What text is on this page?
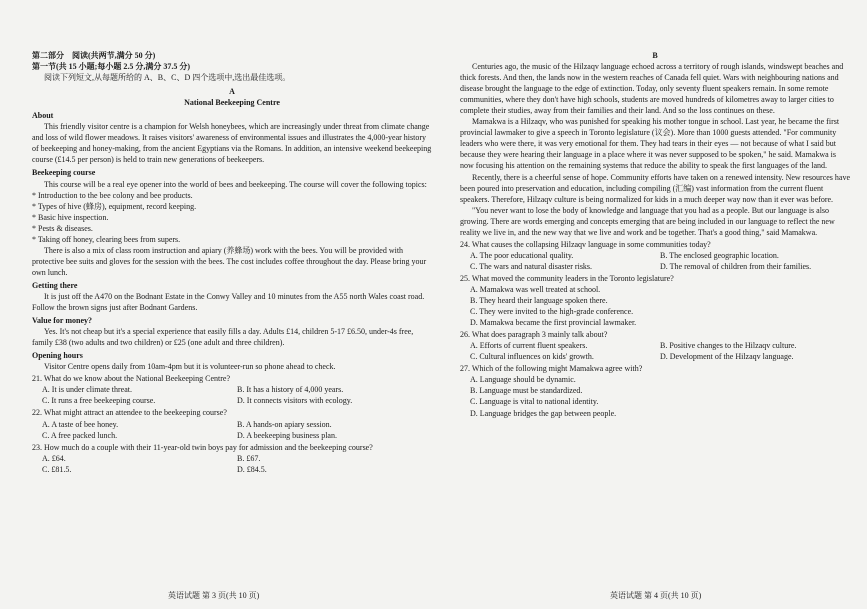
第二部分　阅读(共两节,满分 50 分)

第一节(共 15 小题;每小题 2.5 分,满分 37.5 分)

阅读下列短文,从每题所给的 A、B、C、D 四个选项中,选出最佳选项。

A

National Beekeeping Centre

About

This friendly visitor centre is a champion for Welsh honeybees, which are increasingly under threat from climate change and loss of wild flower meadows. It raises visitors' awareness of environmental issues and illustrates the 4,000-year history of beekeeping and honey-making, from the ancient Egyptians via the Romans. In addition, an intensive weekend beekeeping course (£14.5 per person) is held to train new generations of beekeepers.

Beekeeping course

This course will be a real eye opener into the world of bees and beekeeping. The course will cover the following topics:

* Introduction to the bee colony and bee products.

* Types of hive (蜂房), equipment, record keeping.

* Basic hive inspection.

* Pests & diseases.

* Taking off honey, clearing bees from supers.

There is also a mix of class room instruction and apiary (养蜂场) work with the bees. You will be provided with protective bee suits and gloves for the session with the bees. The cost includes coffee throughout the day. Please bring your own lunch.

Getting there

It is just off the A470 on the Bodnant Estate in the Conwy Valley and 10 minutes from the A55 north Wales coast road. Follow the brown signs just after Bodnant Gardens.

Value for money?

Yes. It's not cheap but it's a special experience that easily fills a day. Adults £14, children 5-17 £6.50, under-4s free, family £38 (two adults and two children) or £25 (one adult and three children).

Opening hours

Visitor Centre opens daily from 10am-4pm but it is volunteer-run so phone ahead to check.

21. What do we know about the National Beekeeping Centre?

A. It is under climate threat.	B. It has a history of 4,000 years.
C. It runs a free beekeeping course.	D. It connects visitors with ecology.

22. What might attract an attendee to the beekeeping course?

A. A taste of bee honey.	B. A hands-on apiary session.
C. A free packed lunch.	D. A beekeeping business plan.

23. How much do a couple with their 11-year-old twin boys pay for admission and the beekeeping course?

A. £64.	B. £67.
C. £81.5.	D. £84.5.
英语试题 第 3 页(共 10 页)

B

Centuries ago, the music of the Hilzaqv language echoed across a territory of rough islands, windswept beaches and thick forests. And then, the lands now in the western reaches of Canada fell quiet. Wars with neighbouring nations and disease brought the language to the edge of extinction. Today, only seventy fluent speakers remain. In some remote communities, where they don't have high schools, students are moved hundreds of kilometres away to larger cities to complete their studies, away from their families and their land. And so the loss continues on these.

Mamakwa is a Hilzaqv, who was punished for speaking his mother tongue in school. Last year, he became the first provincial lawmaker to give a speech in Toronto legislature (议会). More than 1000 guests attended. "For community leaders who were there, it was very emotional for them. They had tears in their eyes — not because of what I said but because they were hearing their language in a place where it was never supposed to be spoken," he said. Mamakwa is now focusing his attention on the remaining systems that reduce the ability to speak the first languages of the land.

Recently, there is a cheerful sense of hope. Community efforts have taken on a renewed intensity. New resources have been poured into preservation and education, including compiling (汇编) vast information from the current fluent speakers. Therefore, Hilzaqv culture is being normalized for kids in a much deeper way now than it ever was before.

"You never want to lose the body of knowledge and language that you had as a people. But our language is also growing. There are words emerging and concepts emerging that are being included in our language to reflect the new reality we live in, and the new way that we live and work and be together. That's a good thing," said Mamakwa.

24. What causes the collapsing Hilzaqv language in some communities today?

A. The poor educational quality.	B. The enclosed geographic location.
C. The wars and natural disaster risks.	D. The removal of children from their families.

25. What moved the community leaders in the Toronto legislature?

A. Mamakwa was well treated at school.
B. They heard their language spoken there.
C. They were invited to the high-grade conference.
D. Mamakwa became the first provincial lawmaker.

26. What does paragraph 3 mainly talk about?

A. Efforts of current fluent speakers.	B. Positive changes to the Hilzaqv culture.
C. Cultural influences on kids' growth.	D. Development of the Hilzaqv language.

27. Which of the following might Mamakwa agree with?

A. Language should be dynamic.
B. Language must be standardized.
C. Language is vital to national identity.
D. Language bridges the gap between people.
英语试题 第 4 页(共 10 页)
